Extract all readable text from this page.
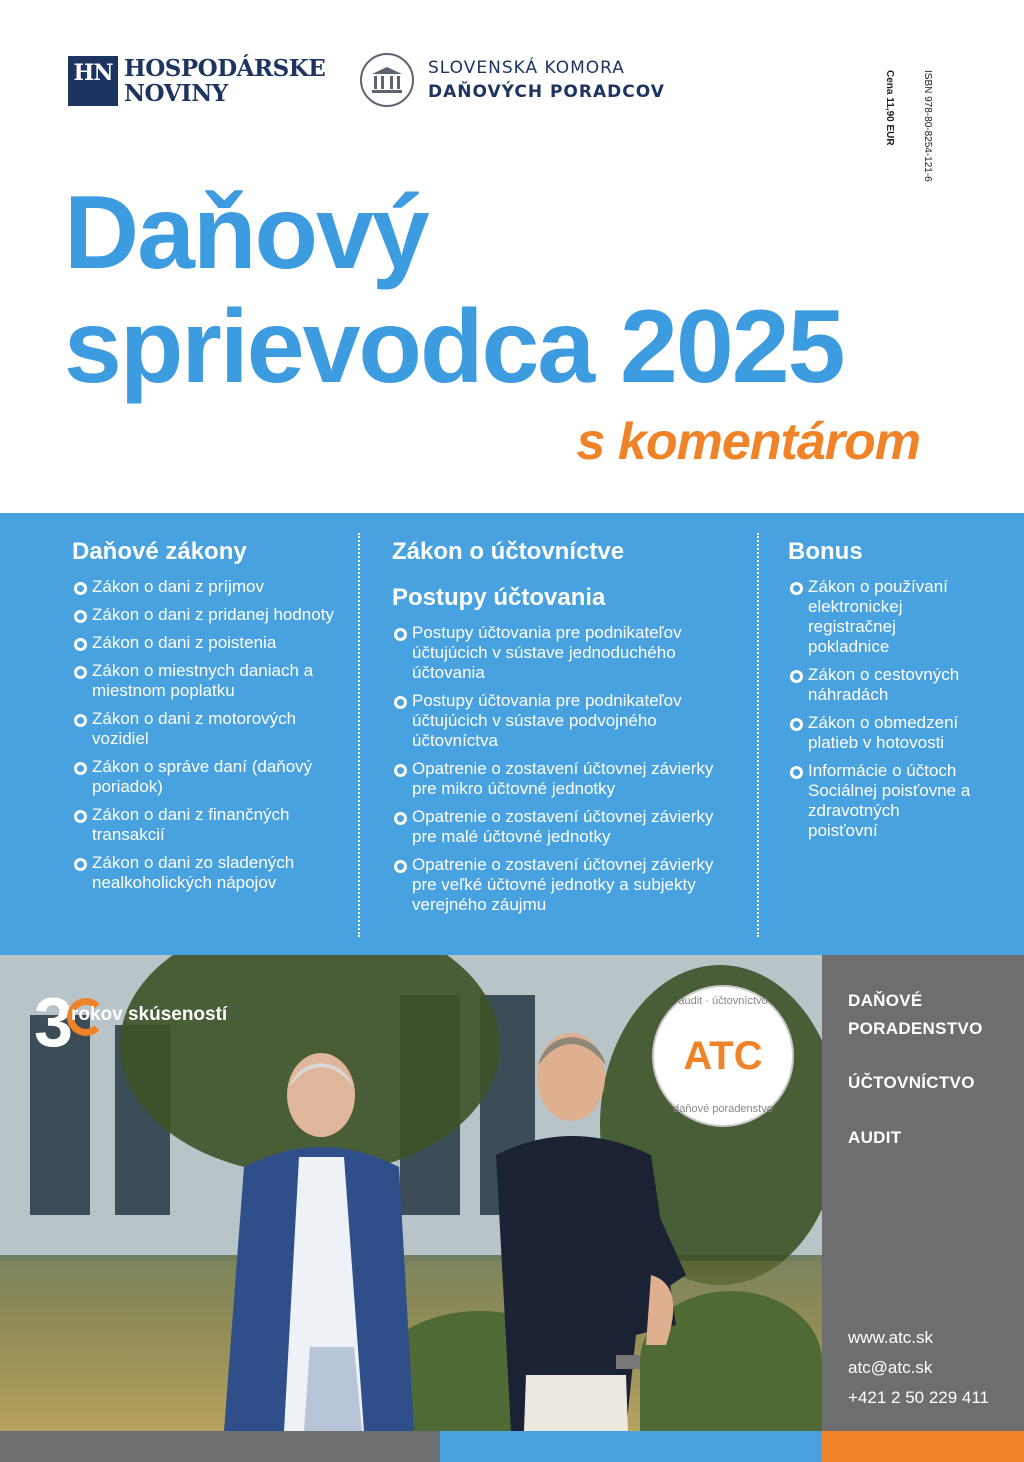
HN HOSPODÁRSKE
NOVINY
SLOVENSKÁ KOMORA
DAŇOVÝCH PORADCOV	ISBN 978-80-8254-121-6
Cena 11,90 EUR
Daňový
sprievodca 2025
s komentárom
Daňové zákony
Zákon o dani z príjmov
Zákon o dani z pridanej hodnoty
Zákon o dani z poistenia
Zákon o miestnych daniach a miestnom poplatku
Zákon o dani z motorových vozidiel
Zákon o správe daní (daňový poriadok)
Zákon o dani z finančných transakcií
Zákon o dani zo sladených nealkoholických nápojov
Zákon o účtovníctve
Postupy účtovania
Postupy účtovania pre podnikateľov účtujúcich v sústave jednoduchého účtovania
Postupy účtovania pre podnikateľov účtujúcich v sústave podvojného účtovníctva
Opatrenie o zostavení účtovnej závierky pre mikro účtovné jednotky
Opatrenie o zostavení účtovnej závierky pre malé účtovné jednotky
Opatrenie o zostavení účtovnej závierky pre veľké účtovné jednotky a subjekty verejného záujmu
Bonus
Zákon o používaní elektronickej registračnej pokladnice
Zákon o cestovných náhradách
Zákon o obmedzení platieb v hotovosti
Informácie o účtoch Sociálnej poisťovne a zdravotných poisťovní
3
rokov skúseností
audit · účtovníctvo
ATC
daňové poradenstvo
DAŇOVÉ
PORADENSTVO
ÚČTOVNÍCTVO
AUDIT
www.atc.sk
atc@atc.sk
+421 2 50 229 411
